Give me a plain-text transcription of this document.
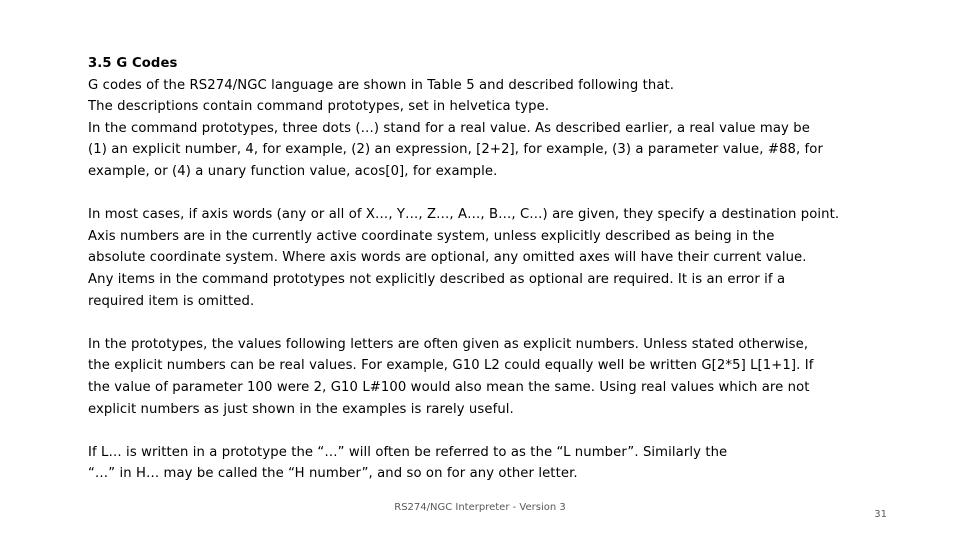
3.5 G Codes
G codes of the RS274/NGC language are shown in Table 5 and described following that.
The descriptions contain command prototypes, set in helvetica type.
In the command prototypes, three dots (…) stand for a real value. As described earlier, a real value may be
(1) an explicit number, 4, for example, (2) an expression, [2+2], for example, (3) a parameter value, #88, for
example, or (4) a unary function value, acos[0], for example.

In most cases, if axis words (any or all of X…, Y…, Z…, A…, B…, C…) are given, they specify a destination point.
Axis numbers are in the currently active coordinate system, unless explicitly described as being in the
absolute coordinate system. Where axis words are optional, any omitted axes will have their current value.
Any items in the command prototypes not explicitly described as optional are required. It is an error if a
required item is omitted.

In the prototypes, the values following letters are often given as explicit numbers. Unless stated otherwise,
the explicit numbers can be real values. For example, G10 L2 could equally well be written G[2*5] L[1+1]. If
the value of parameter 100 were 2, G10 L#100 would also mean the same. Using real values which are not
explicit numbers as just shown in the examples is rarely useful.

If L… is written in a prototype the “…” will often be referred to as the “L number”. Similarly the
“…” in H… may be called the “H number”, and so on for any other letter.

RS274/NGC Interpreter - Version 3
31
